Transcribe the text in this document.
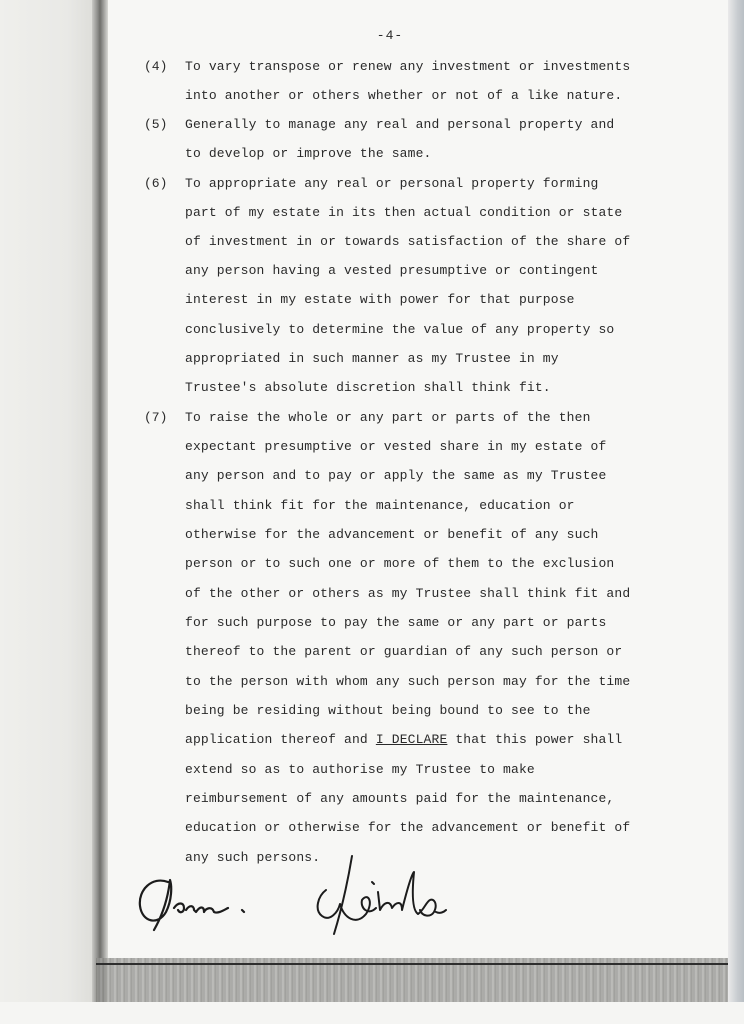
-4-
(4) To vary transpose or renew any investment or investments
into another or others whether or not of a like nature.
(5) Generally to manage any real and personal property and
to develop or improve the same.
(6) To appropriate any real or personal property forming
part of my estate in its then actual condition or state
of investment in or towards satisfaction of the share of
any person having a vested presumptive or contingent
interest in my estate with power for that purpose
conclusively to determine the value of any property so
appropriated in such manner as my Trustee in my
Trustee's absolute discretion shall think fit.
(7) To raise the whole or any part or parts of the then
expectant presumptive or vested share in my estate of
any person and to pay or apply the same as my Trustee
shall think fit for the maintenance, education or
otherwise for the advancement or benefit of any such
person or to such one or more of them to the exclusion
of the other or others as my Trustee shall think fit and
for such purpose to pay the same or any part or parts
thereof to the parent or guardian of any such person or
to the person with whom any such person may for the time
being be residing without being bound to see to the
application thereof and I DECLARE that this power shall
extend so as to authorise my Trustee to make
reimbursement of any amounts paid for the maintenance,
education or otherwise for the advancement or benefit of
any such persons.
